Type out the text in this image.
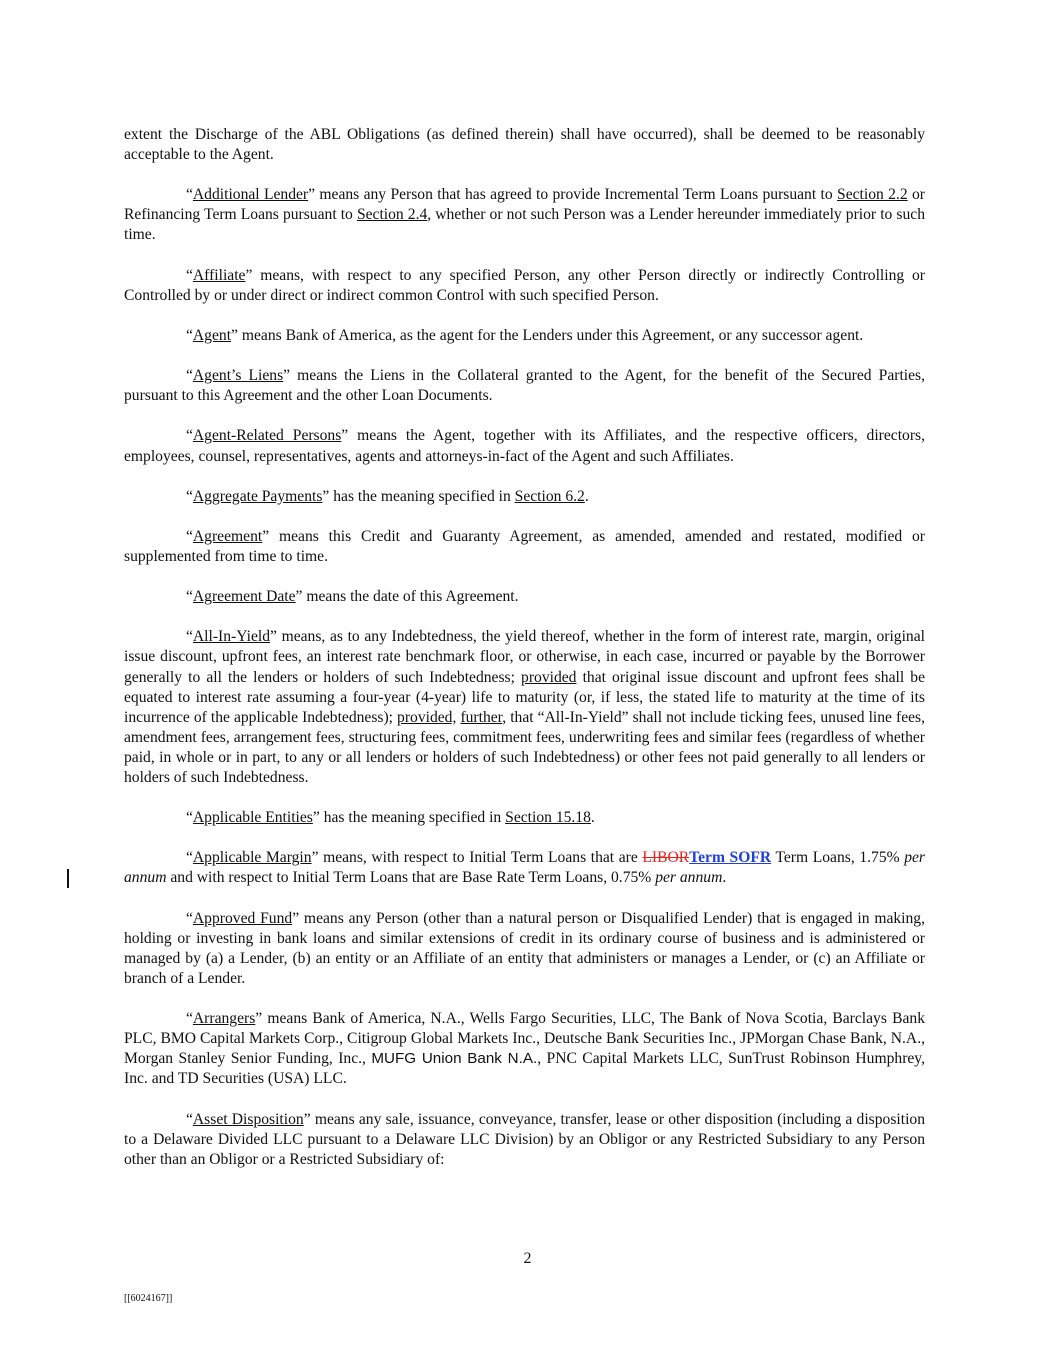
extent the Discharge of the ABL Obligations (as defined therein) shall have occurred), shall be deemed to be reasonably acceptable to the Agent.

“Additional Lender” means any Person that has agreed to provide Incremental Term Loans pursuant to Section 2.2 or Refinancing Term Loans pursuant to Section 2.4, whether or not such Person was a Lender hereunder immediately prior to such time.

“Affiliate” means, with respect to any specified Person, any other Person directly or indirectly Controlling or Controlled by or under direct or indirect common Control with such specified Person.

“Agent” means Bank of America, as the agent for the Lenders under this Agreement, or any successor agent.

“Agent’s Liens” means the Liens in the Collateral granted to the Agent, for the benefit of the Secured Parties, pursuant to this Agreement and the other Loan Documents.

“Agent-Related Persons” means the Agent, together with its Affiliates, and the respective officers, directors, employees, counsel, representatives, agents and attorneys-in-fact of the Agent and such Affiliates.

“Aggregate Payments” has the meaning specified in Section 6.2.

“Agreement” means this Credit and Guaranty Agreement, as amended, amended and restated, modified or supplemented from time to time.

“Agreement Date” means the date of this Agreement.

“All-In-Yield” means, as to any Indebtedness, the yield thereof, whether in the form of interest rate, margin, original issue discount, upfront fees, an interest rate benchmark floor, or otherwise, in each case, incurred or payable by the Borrower generally to all the lenders or holders of such Indebtedness; provided that original issue discount and upfront fees shall be equated to interest rate assuming a four-year (4-year) life to maturity (or, if less, the stated life to maturity at the time of its incurrence of the applicable Indebtedness); provided, further, that “All-In-Yield” shall not include ticking fees, unused line fees, amendment fees, arrangement fees, structuring fees, commitment fees, underwriting fees and similar fees (regardless of whether paid, in whole or in part, to any or all lenders or holders of such Indebtedness) or other fees not paid generally to all lenders or holders of such Indebtedness.

“Applicable Entities” has the meaning specified in Section 15.18.

“Applicable Margin” means, with respect to Initial Term Loans that are LIBORTerm SOFR Term Loans, 1.75% per annum and with respect to Initial Term Loans that are Base Rate Term Loans, 0.75% per annum.

“Approved Fund” means any Person (other than a natural person or Disqualified Lender) that is engaged in making, holding or investing in bank loans and similar extensions of credit in its ordinary course of business and is administered or managed by (a) a Lender, (b) an entity or an Affiliate of an entity that administers or manages a Lender, or (c) an Affiliate or branch of a Lender.

“Arrangers” means Bank of America, N.A., Wells Fargo Securities, LLC, The Bank of Nova Scotia, Barclays Bank PLC, BMO Capital Markets Corp., Citigroup Global Markets Inc., Deutsche Bank Securities Inc., JPMorgan Chase Bank, N.A., Morgan Stanley Senior Funding, Inc., MUFG Union Bank N.A., PNC Capital Markets LLC, SunTrust Robinson Humphrey, Inc. and TD Securities (USA) LLC.

“Asset Disposition” means any sale, issuance, conveyance, transfer, lease or other disposition (including a disposition to a Delaware Divided LLC pursuant to a Delaware LLC Division) by an Obligor or any Restricted Subsidiary to any Person other than an Obligor or a Restricted Subsidiary of:

2
[[6024167]]
